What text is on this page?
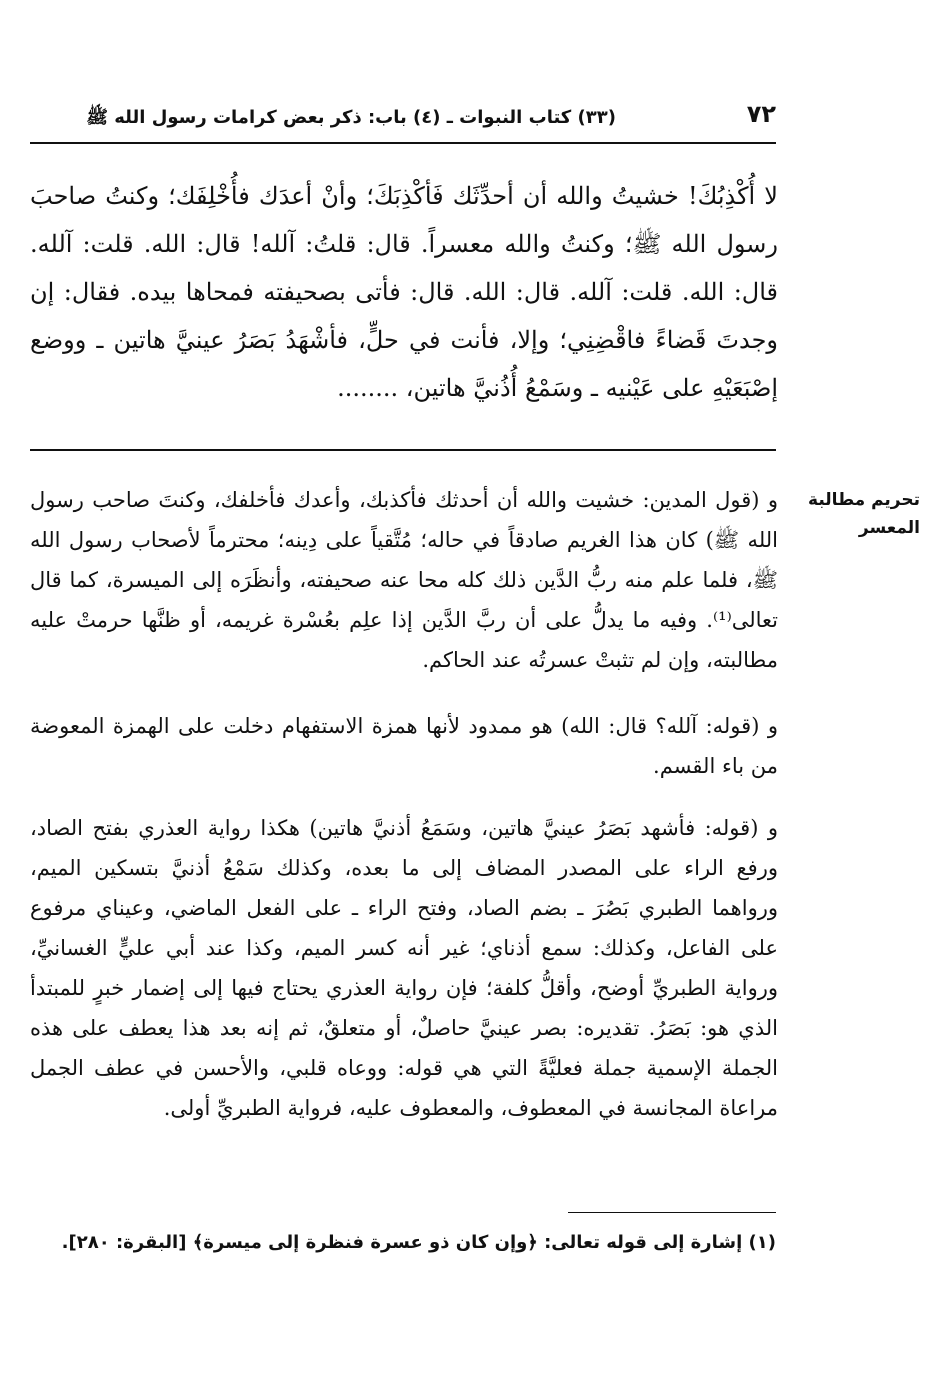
٧٢
(٣٣) كتاب النبوات ـ (٤) باب: ذكر بعض كرامات رسول الله ﷺ

لا أُكْذِبُكَ! خشيتُ والله أن أحدِّثَك فَأكْذِبَكَ؛ وأنْ أعدَك فأُخْلِفَك؛ وكنتُ صاحبَ رسول الله ﷺ؛ وكنتُ والله معسراً. قال: قلتُ: آلله! قال: الله. قلت: آلله. قال: الله. قلت: آلله. قال: الله. قال: فأتى بصحيفته فمحاها بيده. فقال: إن وجدتَ قَضاءً فاقْضِنِي؛ وإلا، فأنت في حلٍّ، فأشْهَدُ بَصَرُ عينيَّ هاتين ـ ووضع إصْبَعَيْهِ على عَيْنيه ـ وسَمْعُ أُذُنيَّ هاتين، ........

تحريم مطالبة
المعسر

و (قول المدين: خشيت والله أن أحدثك فأكذبك، وأعدك فأخلفك، وكنتَ صاحب رسول الله ﷺ) كان هذا الغريم صادقاً في حاله؛ مُتَّقياً على دِينه؛ محترماً لأصحاب رسول الله ﷺ، فلما علم منه ربُّ الدَّين ذلك كله محا عنه صحيفته، وأنظَرَه إلى الميسرة، كما قال تعالى⁽¹⁾. وفيه ما يدلُّ على أن ربَّ الدَّين إذا علِم بعُسْرة غريمه، أو ظنَّها حرمتْ عليه مطالبته، وإن لم تثبتْ عسرتُه عند الحاكم.

و (قوله: آلله؟ قال: الله) هو ممدود لأنها همزة الاستفهام دخلت على الهمزة المعوضة من باء القسم.

و (قوله: فأشهد بَصَرُ عينيَّ هاتين، وسَمَعُ أذنيَّ هاتين) هكذا رواية العذري بفتح الصاد، ورفع الراء على المصدر المضاف إلى ما بعده، وكذلك سَمْعُ أذنيَّ بتسكين الميم، ورواهما الطبري بَصُرَ ـ بضم الصاد، وفتح الراء ـ على الفعل الماضي، وعيناي مرفوع على الفاعل، وكذلك: سمع أذناي؛ غير أنه كسر الميم، وكذا عند أبي عليٍّ الغسانيِّ، ورواية الطبريِّ أوضح، وأقلُّ كلفة؛ فإن رواية العذري يحتاج فيها إلى إضمار خبرٍ للمبتدأ الذي هو: بَصَرُ. تقديره: بصر عينيَّ حاصلٌ، أو متعلقٌ، ثم إنه بعد هذا يعطف على هذه الجملة الإسمية جملة فعليَّةً التي هي قوله: ووعاه قلبي، والأحسن في عطف الجمل مراعاة المجانسة في المعطوف، والمعطوف عليه، فرواية الطبريِّ أولى.

(١) إشارة إلى قوله تعالى: ﴿وإن كان ذو عسرة فنظرة إلى ميسرة﴾ [البقرة: ٢٨٠].
